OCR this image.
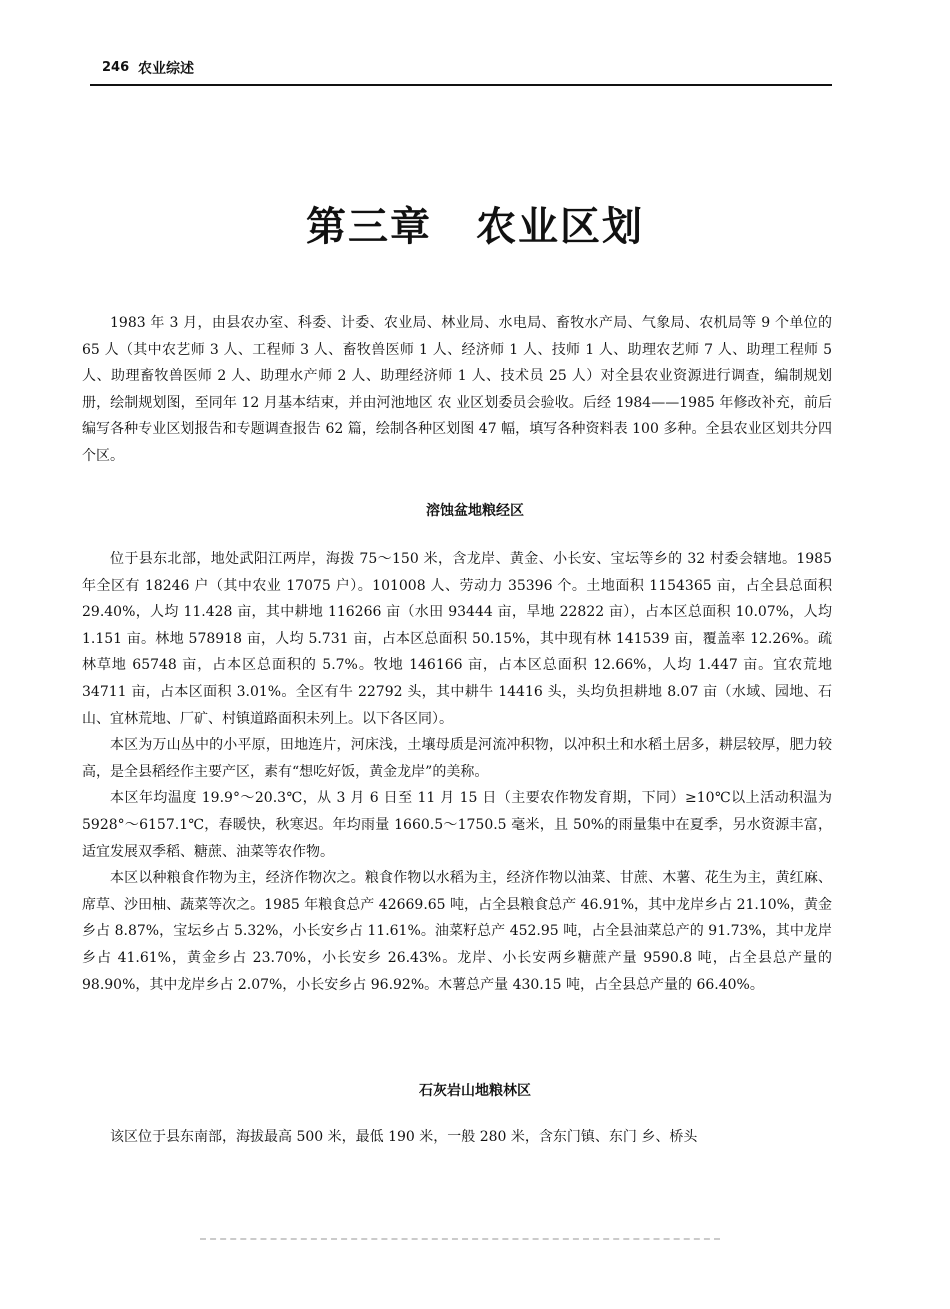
246 农业综述
第三章 农业区划

1983 年 3 月，由县农办室、科委、计委、农业局、林业局、水电局、畜牧水产局、气象局、农机局等 9 个单位的 65 人（其中农艺师 3 人、工程师 3 人、畜牧兽医师 1 人、经济师 1 人、技师 1 人、助理农艺师 7 人、助理工程师 5 人、助理畜牧兽医师 2 人、助理水产师 2 人、助理经济师 1 人、技术员 25 人）对全县农业资源进行调查，编制规划册，绘制规划图，至同年 12 月基本结束，并由河池地区 农 业区划委员会验收。后经 1984——1985 年修改补充，前后编写各种专业区划报告和专题调查报告 62 篇，绘制各种区划图 47 幅，填写各种资料表 100 多种。全县农业区划共分四个区。

溶蚀盆地粮经区

位于县东北部，地处武阳江两岸，海拨 75～150 米，含龙岸、黄金、小长安、宝坛等乡的 32 村委会辖地。1985 年全区有 18246 户（其中农业 17075 户）。101008 人、劳动力 35396 个。土地面积 1154365 亩，占全县总面积 29.40%，人均 11.428 亩，其中耕地 116266 亩（水田 93444 亩，旱地 22822 亩），占本区总面积 10.07%，人均 1.151 亩。林地 578918 亩，人均 5.731 亩，占本区总面积 50.15%，其中现有林 141539 亩，覆盖率 12.26%。疏林草地 65748 亩，占本区总面积的 5.7%。牧地 146166 亩，占本区总面积 12.66%，人均 1.447 亩。宜农荒地 34711 亩，占本区面积 3.01%。全区有牛 22792 头，其中耕牛 14416 头，头均负担耕地 8.07 亩（水域、园地、石山、宜林荒地、厂矿、村镇道路面积未列上。以下各区同）。

本区为万山丛中的小平原，田地连片，河床浅，土壤母质是河流冲积物，以冲积土和水稻土居多，耕层较厚，肥力较高，是全县稻经作主要产区，素有“想吃好饭，黄金龙岸”的美称。

本区年均温度 19.9°～20.3℃，从 3 月 6 日至 11 月 15 日（主要农作物发育期，下同）≥10℃以上活动积温为 5928°～6157.1℃，春暖快，秋寒迟。年均雨量 1660.5～1750.5 毫米，且 50%的雨量集中在夏季，另水资源丰富，适宜发展双季稻、糖蔗、油菜等农作物。

本区以种粮食作物为主，经济作物次之。粮食作物以水稻为主，经济作物以油菜、甘蔗、木薯、花生为主，黄红麻、席草、沙田柚、蔬菜等次之。1985 年粮食总产 42669.65 吨，占全县粮食总产 46.91%，其中龙岸乡占 21.10%，黄金乡占 8.87%，宝坛乡占 5.32%，小长安乡占 11.61%。油菜籽总产 452.95 吨，占全县油菜总产的 91.73%，其中龙岸乡占 41.61%，黄金乡占 23.70%，小长安乡 26.43%。龙岸、小长安两乡糖蔗产量 9590.8 吨，占全县总产量的 98.90%，其中龙岸乡占 2.07%，小长安乡占 96.92%。木薯总产量 430.15 吨，占全县总产量的 66.40%。

石灰岩山地粮林区

该区位于县东南部，海拔最高 500 米，最低 190 米，一般 280 米，含东门镇、东门 乡、桥头
